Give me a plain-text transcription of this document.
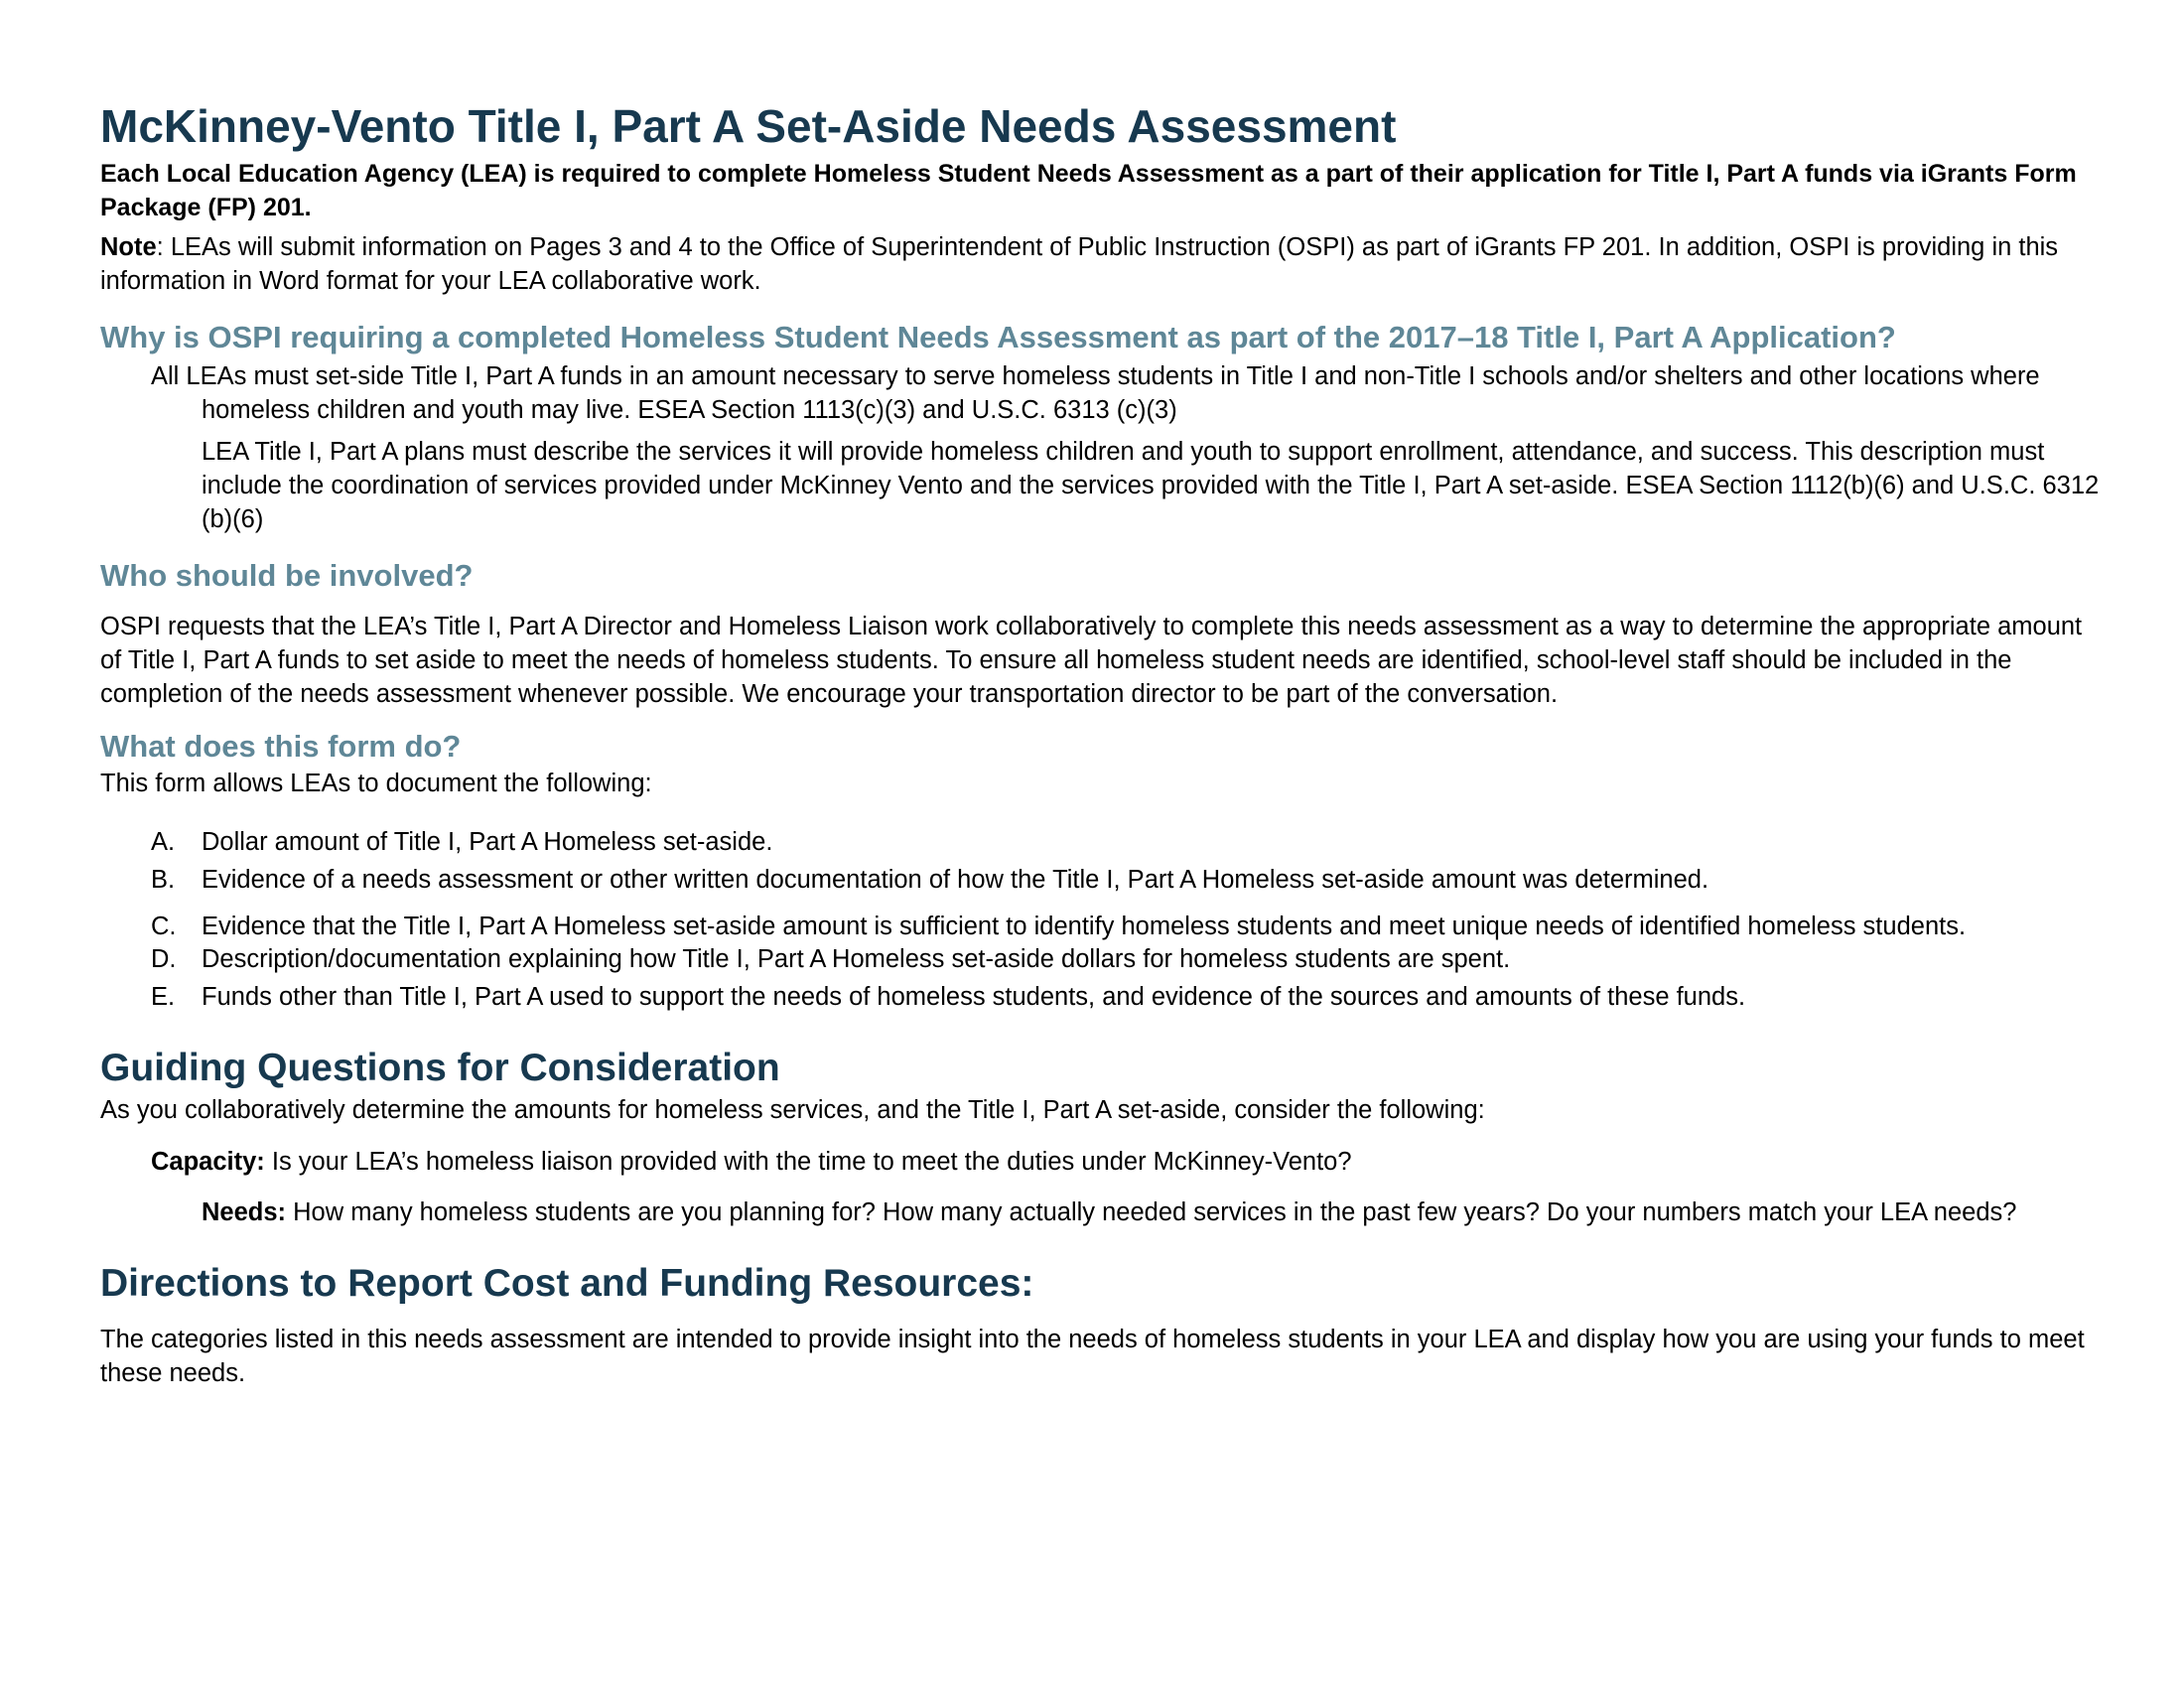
McKinney-Vento Title I, Part A Set-Aside Needs Assessment

Each Local Education Agency (LEA) is required to complete Homeless Student Needs Assessment as a part of their application for Title I, Part A funds via iGrants Form Package (FP) 201.

Note: LEAs will submit information on Pages 3 and 4 to the Office of Superintendent of Public Instruction (OSPI) as part of iGrants FP 201. In addition, OSPI is providing in this information in Word format for your LEA collaborative work.

Why is OSPI requiring a completed Homeless Student Needs Assessment as part of the 2017–18 Title I, Part A Application?

All LEAs must set-side Title I, Part A funds in an amount necessary to serve homeless students in Title I and non-Title I schools and/or shelters and other locations where homeless children and youth may live. ESEA Section 1113(c)(3) and U.S.C. 6313 (c)(3)

LEA Title I, Part A plans must describe the services it will provide homeless children and youth to support enrollment, attendance, and success. This description must include the coordination of services provided under McKinney Vento and the services provided with the Title I, Part A set-aside. ESEA Section 1112(b)(6) and U.S.C. 6312 (b)(6)

Who should be involved?

OSPI requests that the LEA’s Title I, Part A Director and Homeless Liaison work collaboratively to complete this needs assessment as a way to determine the appropriate amount of Title I, Part A funds to set aside to meet the needs of homeless students. To ensure all homeless student needs are identified, school-level staff should be included in the completion of the needs assessment whenever possible. We encourage your transportation director to be part of the conversation.

What does this form do?

This form allows LEAs to document the following:

A. Dollar amount of Title I, Part A Homeless set-aside.
B. Evidence of a needs assessment or other written documentation of how the Title I, Part A Homeless set-aside amount was determined.
C. Evidence that the Title I, Part A Homeless set-aside amount is sufficient to identify homeless students and meet unique needs of identified homeless students.
D. Description/documentation explaining how Title I, Part A Homeless set-aside dollars for homeless students are spent.
E. Funds other than Title I, Part A used to support the needs of homeless students, and evidence of the sources and amounts of these funds.
Guiding Questions for Consideration

As you collaboratively determine the amounts for homeless services, and the Title I, Part A set-aside, consider the following:

Capacity: Is your LEA’s homeless liaison provided with the time to meet the duties under McKinney-Vento?

Needs: How many homeless students are you planning for? How many actually needed services in the past few years? Do your numbers match your LEA needs?

Directions to Report Cost and Funding Resources:

The categories listed in this needs assessment are intended to provide insight into the needs of homeless students in your LEA and display how you are using your funds to meet these needs.
